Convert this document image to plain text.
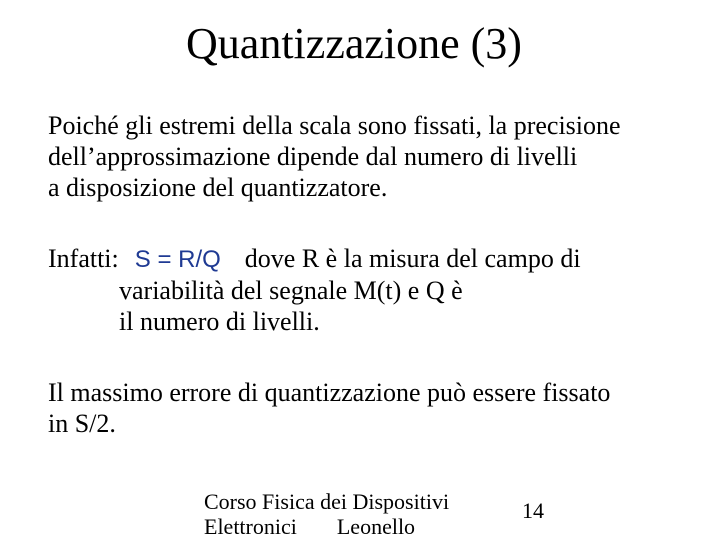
Quantizzazione (3)
Poiché gli estremi della scala sono fissati, la precisione
dell’approssimazione dipende dal numero di livelli
a disposizione del quantizzatore.
Infatti: S = R/Q dove R è la misura del campo di
variabilità del segnale M(t) e Q è
il numero di livelli.
Il massimo errore di quantizzazione può essere fissato
in S/2.
Corso Fisica dei Dispositivi
Elettronici Leonello
14
